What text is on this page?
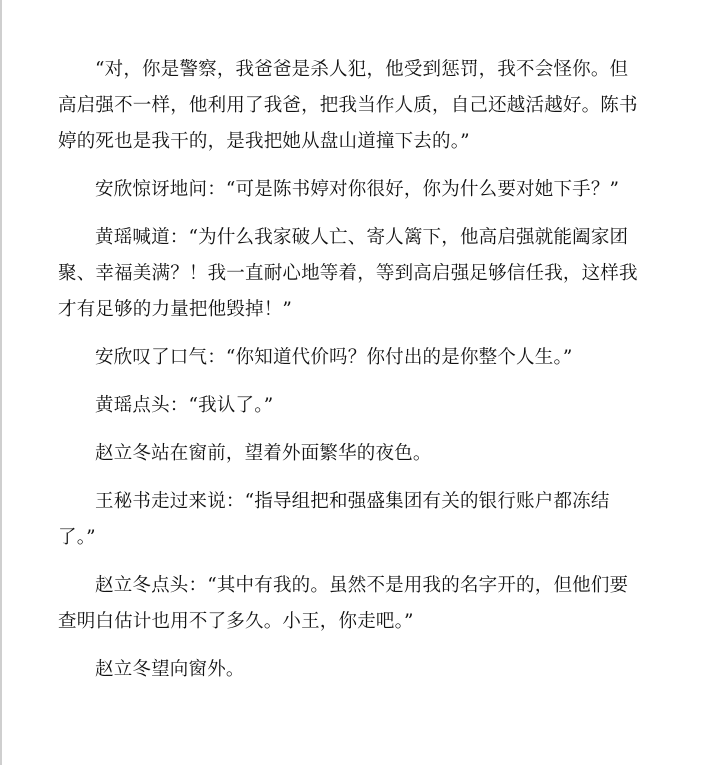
“对，你是警察，我爸爸是杀人犯，他受到惩罚，我不会怪你。但高启强不一样，他利用了我爸，把我当作人质，自己还越活越好。陈书婷的死也是我干的，是我把她从盘山道撞下去的。”

安欣惊讶地问：“可是陈书婷对你很好，你为什么要对她下手？”

黄瑶喊道：“为什么我家破人亡、寄人篱下，他高启强就能阖家团聚、幸福美满？！我一直耐心地等着，等到高启强足够信任我，这样我才有足够的力量把他毁掉！”

安欣叹了口气：“你知道代价吗？你付出的是你整个人生。”

黄瑶点头：“我认了。”

赵立冬站在窗前，望着外面繁华的夜色。

王秘书走过来说：“指导组把和强盛集团有关的银行账户都冻结了。”

赵立冬点头：“其中有我的。虽然不是用我的名字开的，但他们要查明白估计也用不了多久。小王，你走吧。”

赵立冬望向窗外。
